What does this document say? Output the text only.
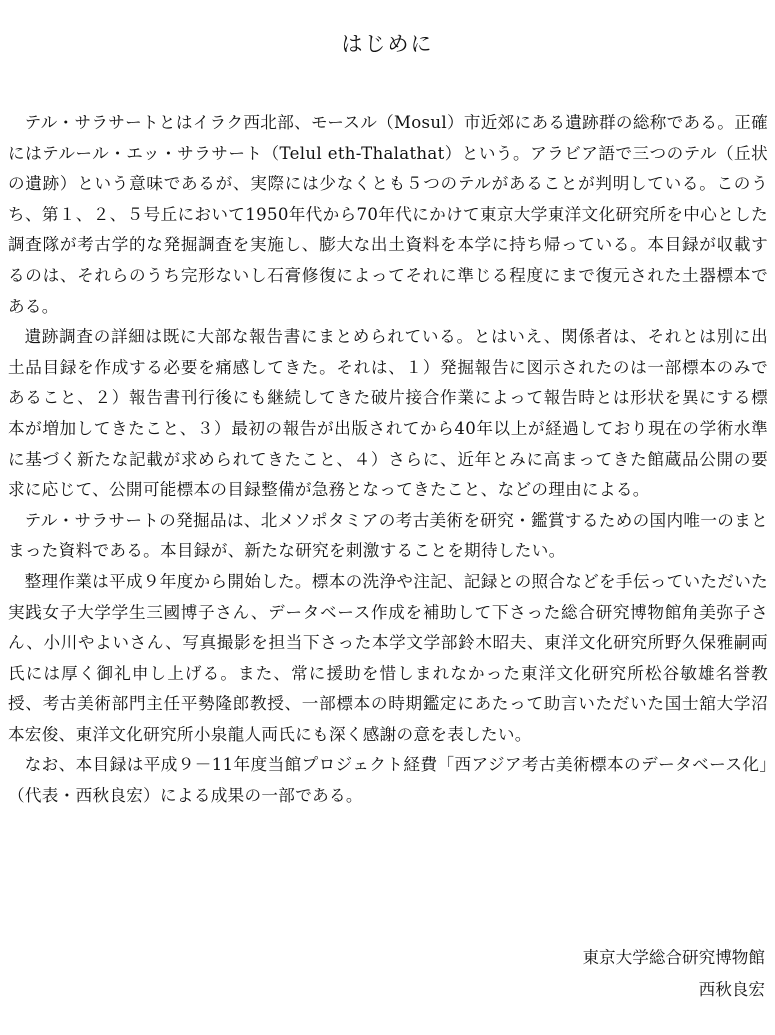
はじめに

テル・サラサートとはイラク西北部、モースル（Mosul）市近郊にある遺跡群の総称である。正確にはテルール・エッ・サラサート（Telul eth-Thalathat）という。アラビア語で三つのテル（丘状の遺跡）という意味であるが、実際には少なくとも５つのテルがあることが判明している。このうち、第１、２、５号丘において1950年代から70年代にかけて東京大学東洋文化研究所を中心とした調査隊が考古学的な発掘調査を実施し、膨大な出土資料を本学に持ち帰っている。本目録が収載するのは、それらのうち完形ないし石膏修復によってそれに準じる程度にまで復元された土器標本である。

遺跡調査の詳細は既に大部な報告書にまとめられている。とはいえ、関係者は、それとは別に出土品目録を作成する必要を痛感してきた。それは、１）発掘報告に図示されたのは一部標本のみであること、２）報告書刊行後にも継続してきた破片接合作業によって報告時とは形状を異にする標本が増加してきたこと、３）最初の報告が出版されてから40年以上が経過しており現在の学術水準に基づく新たな記載が求められてきたこと、４）さらに、近年とみに高まってきた館蔵品公開の要求に応じて、公開可能標本の目録整備が急務となってきたこと、などの理由による。

テル・サラサートの発掘品は、北メソポタミアの考古美術を研究・鑑賞するための国内唯一のまとまった資料である。本目録が、新たな研究を刺激することを期待したい。

整理作業は平成９年度から開始した。標本の洗浄や注記、記録との照合などを手伝っていただいた実践女子大学学生三國博子さん、データベース作成を補助して下さった総合研究博物館角美弥子さん、小川やよいさん、写真撮影を担当下さった本学文学部鈴木昭夫、東洋文化研究所野久保雅嗣両氏には厚く御礼申し上げる。また、常に援助を惜しまれなかった東洋文化研究所松谷敏雄名誉教授、考古美術部門主任平勢隆郎教授、一部標本の時期鑑定にあたって助言いただいた国士舘大学沼本宏俊、東洋文化研究所小泉龍人両氏にも深く感謝の意を表したい。

なお、本目録は平成９－11年度当館プロジェクト経費「西アジア考古美術標本のデータベース化」（代表・西秋良宏）による成果の一部である。

東京大学総合研究博物館
西秋良宏
